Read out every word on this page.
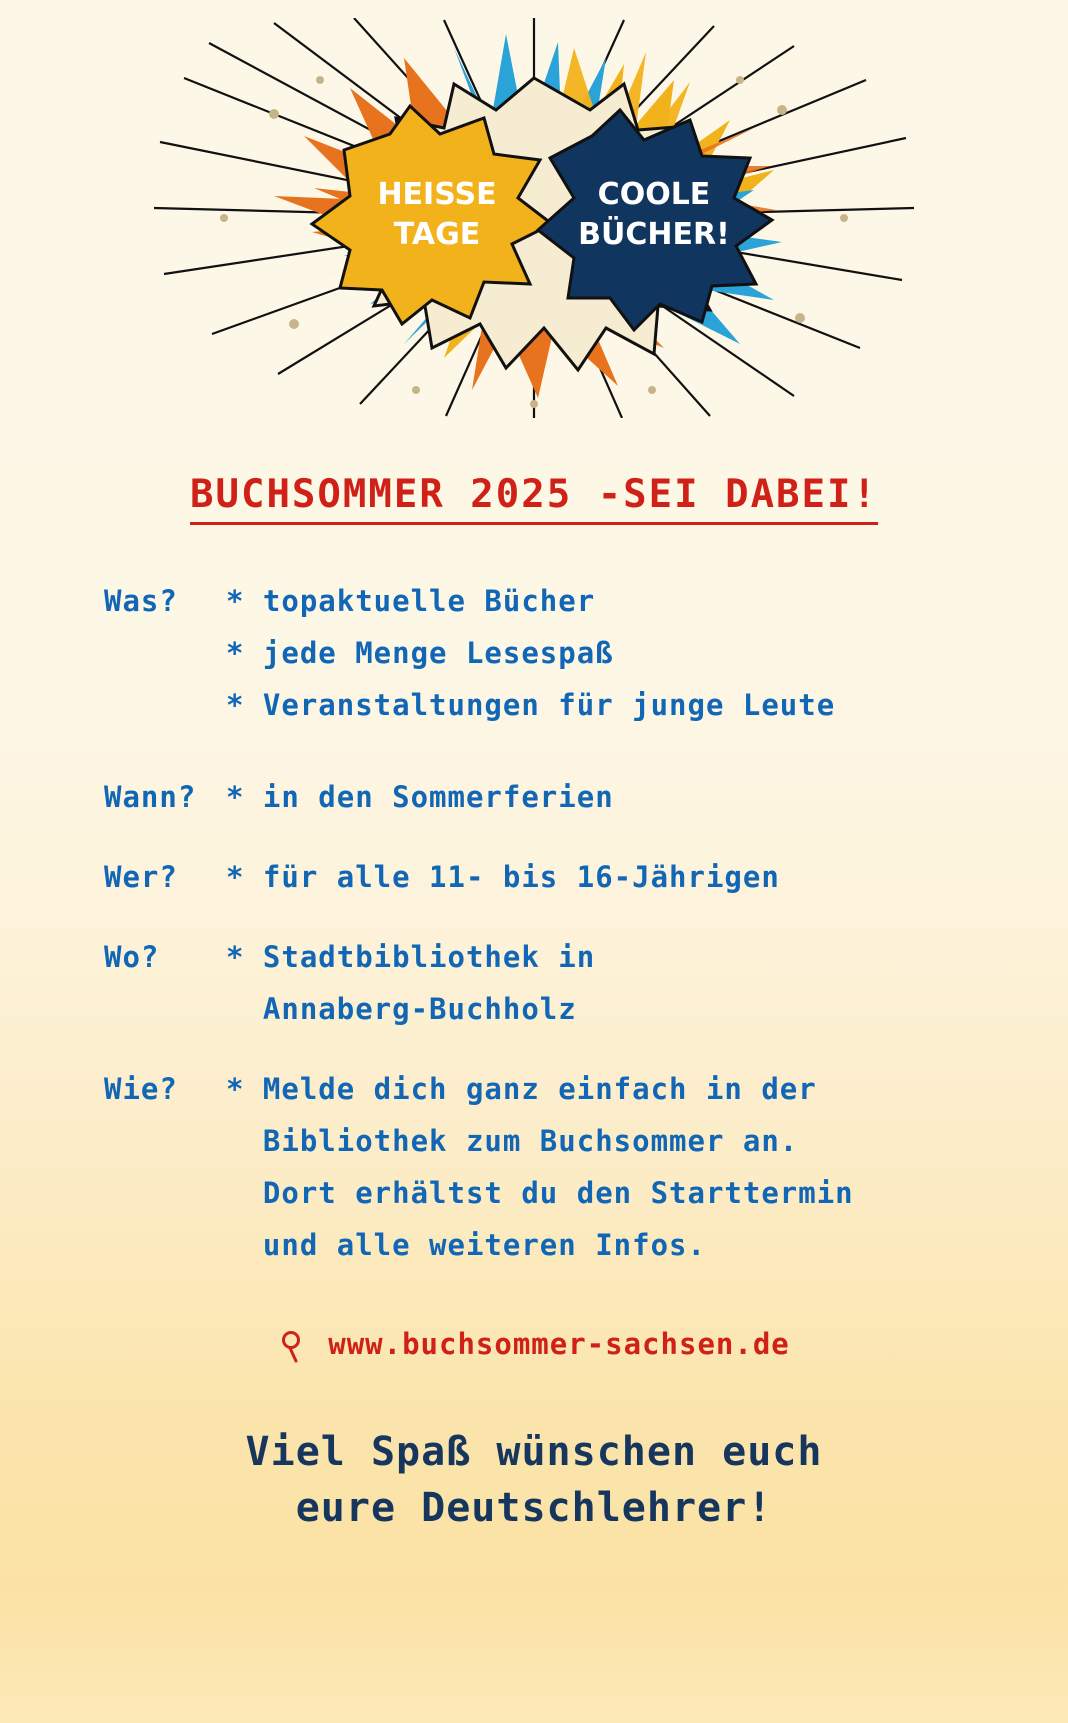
HEISSE
TAGE
COOLE
BÜCHER!
BUCHSOMMER 2025 -SEI DABEI!
Was?	* topaktuelle Bücher
* jede Menge Lesespaß
* Veranstaltungen für junge Leute
Wann?	* in den Sommerferien
Wer?	* für alle 11- bis 16-Jährigen
Wo?	* Stadtbibliothek in
Annaberg-Buchholz
Wie?	* Melde dich ganz einfach in der
Bibliothek zum Buchsommer an.
Dort erhältst du den Starttermin
und alle weiteren Infos.
www.buchsommer-sachsen.de
Viel Spaß wünschen euch
eure Deutschlehrer!
